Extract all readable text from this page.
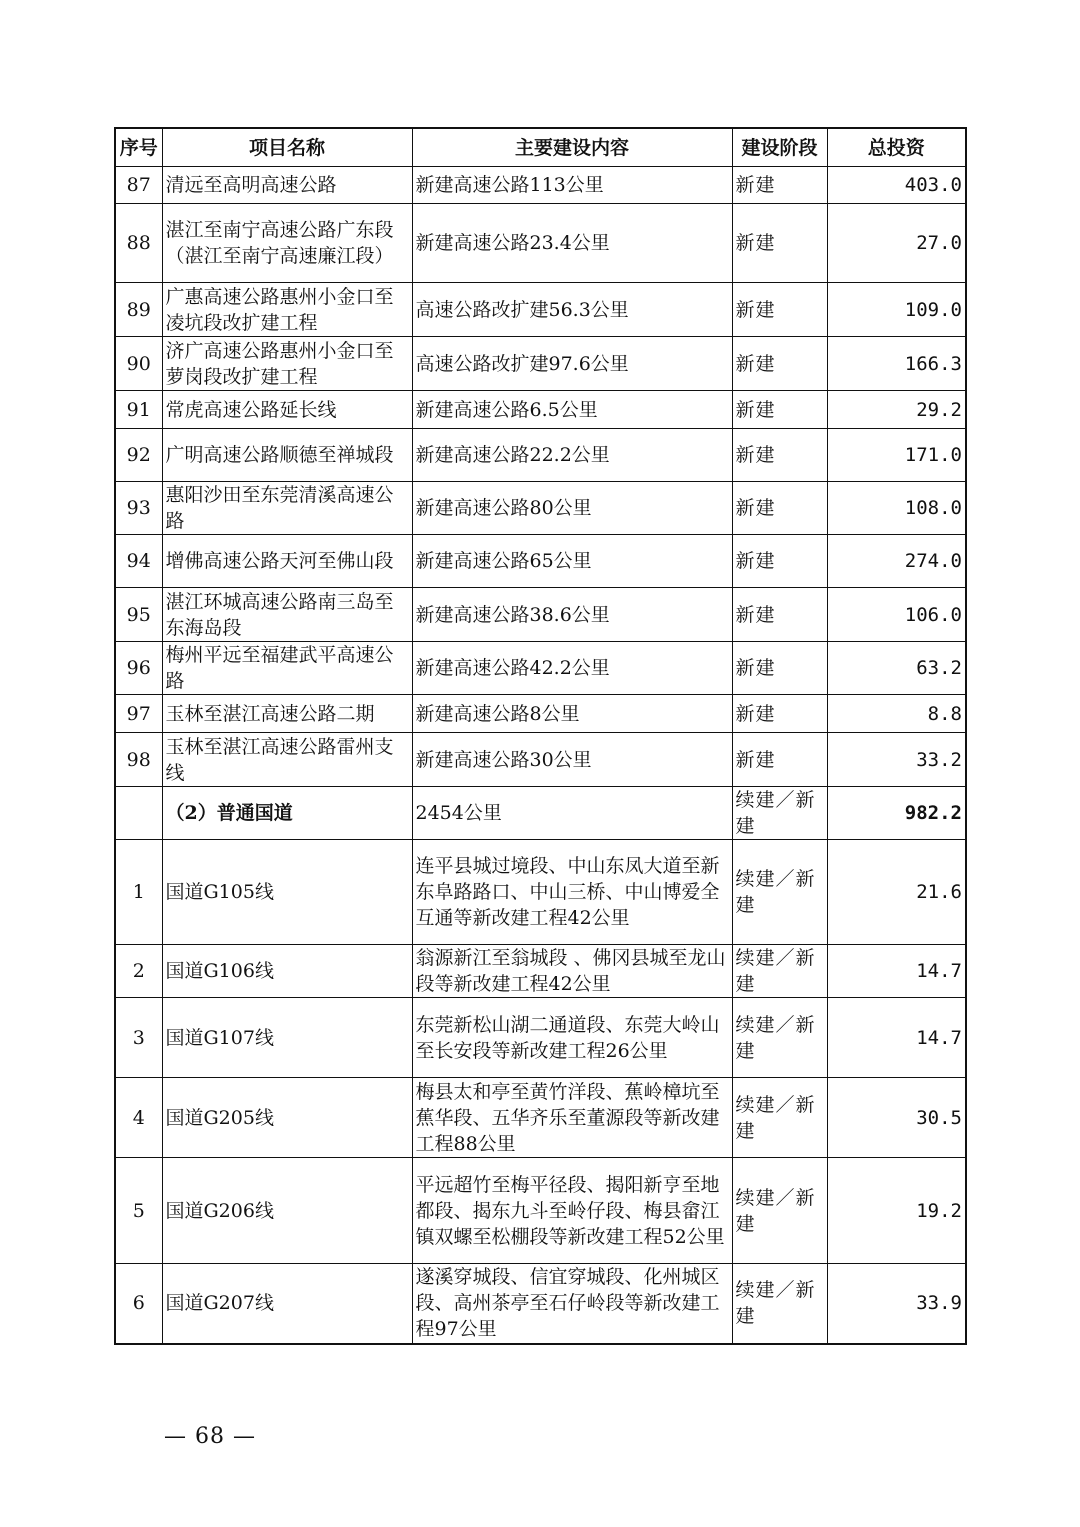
序号	项目名称	主要建设内容	建设阶段	总投资
87	清远至高明高速公路	新建高速公路113公里	新建	403.0
88	湛江至南宁高速公路广东段（湛江至南宁高速廉江段）	新建高速公路23.4公里	新建	27.0
89	广惠高速公路惠州小金口至凌坑段改扩建工程	高速公路改扩建56.3公里	新建	109.0
90	济广高速公路惠州小金口至萝岗段改扩建工程	高速公路改扩建97.6公里	新建	166.3
91	常虎高速公路延长线	新建高速公路6.5公里	新建	29.2
92	广明高速公路顺德至禅城段	新建高速公路22.2公里	新建	171.0
93	惠阳沙田至东莞清溪高速公路	新建高速公路80公里	新建	108.0
94	增佛高速公路天河至佛山段	新建高速公路65公里	新建	274.0
95	湛江环城高速公路南三岛至东海岛段	新建高速公路38.6公里	新建	106.0
96	梅州平远至福建武平高速公路	新建高速公路42.2公里	新建	63.2
97	玉林至湛江高速公路二期	新建高速公路8公里	新建	8.8
98	玉林至湛江高速公路雷州支线	新建高速公路30公里	新建	33.2
	（2）普通国道	2454公里	续建／新建	982.2
1	国道G105线	连平县城过境段、中山东凤大道至新东阜路路口、中山三桥、中山博爱全互通等新改建工程42公里	续建／新建	21.6
2	国道G106线	翁源新江至翁城段 、佛冈县城至龙山段等新改建工程42公里	续建／新建	14.7
3	国道G107线	东莞新松山湖二通道段、东莞大岭山至长安段等新改建工程26公里	续建／新建	14.7
4	国道G205线	梅县太和亭至黄竹洋段、蕉岭樟坑至蕉华段、五华齐乐至董源段等新改建工程88公里	续建／新建	30.5
5	国道G206线	平远超竹至梅平径段、揭阳新亨至地都段、揭东九斗至岭仔段、梅县畲江镇双螺至松棚段等新改建工程52公里	续建／新建	19.2
6	国道G207线	遂溪穿城段、信宜穿城段、化州城区段、高州茶亭至石仔岭段等新改建工程97公里	续建／新建	33.9
— 68 —
